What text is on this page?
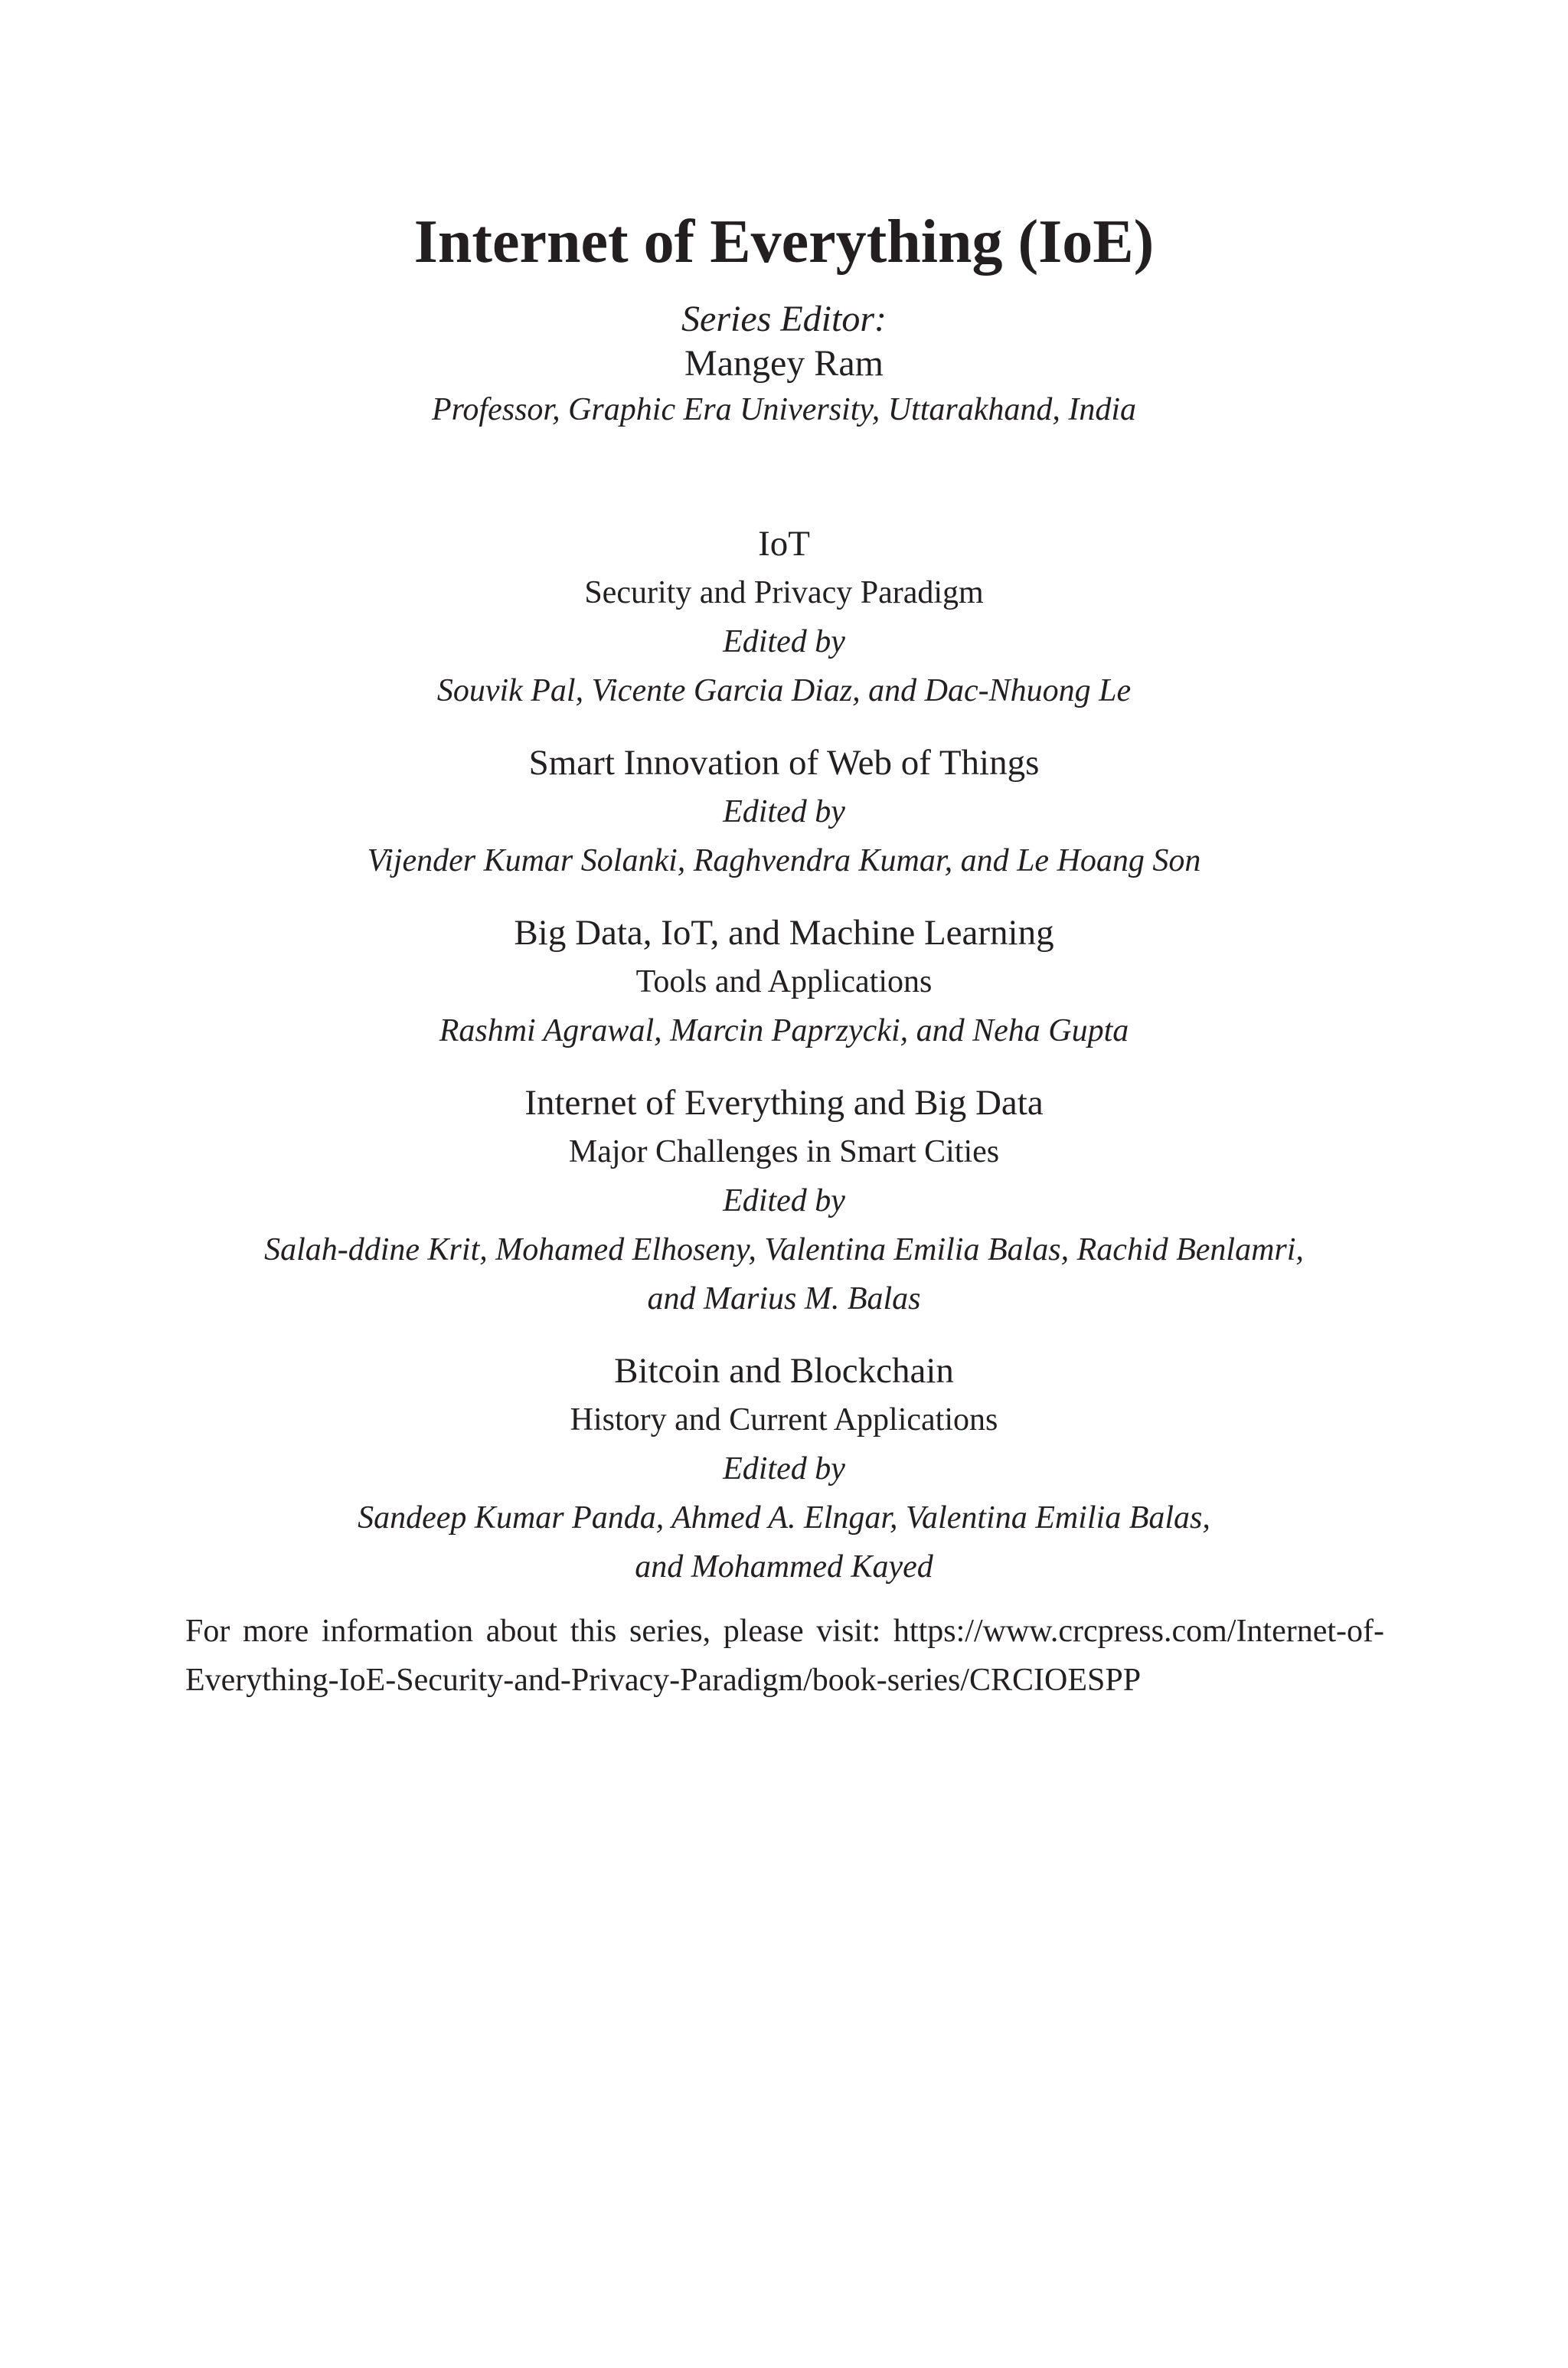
Internet of Everything (IoE)
Series Editor:
Mangey Ram
Professor, Graphic Era University, Uttarakhand, India
IoT
Security and Privacy Paradigm
Edited by
Souvik Pal, Vicente Garcia Diaz, and Dac-Nhuong Le
Smart Innovation of Web of Things
Edited by
Vijender Kumar Solanki, Raghvendra Kumar, and Le Hoang Son
Big Data, IoT, and Machine Learning
Tools and Applications
Rashmi Agrawal, Marcin Paprzycki, and Neha Gupta
Internet of Everything and Big Data
Major Challenges in Smart Cities
Edited by
Salah-ddine Krit, Mohamed Elhoseny, Valentina Emilia Balas, Rachid Benlamri,
and Marius M. Balas
Bitcoin and Blockchain
History and Current Applications
Edited by
Sandeep Kumar Panda, Ahmed A. Elngar, Valentina Emilia Balas,
and Mohammed Kayed
For more information about this series, please visit: https://www.crcpress.com/Internet-of-Everything-IoE-Security-and-Privacy-Paradigm/book-series/CRCIOESPP
